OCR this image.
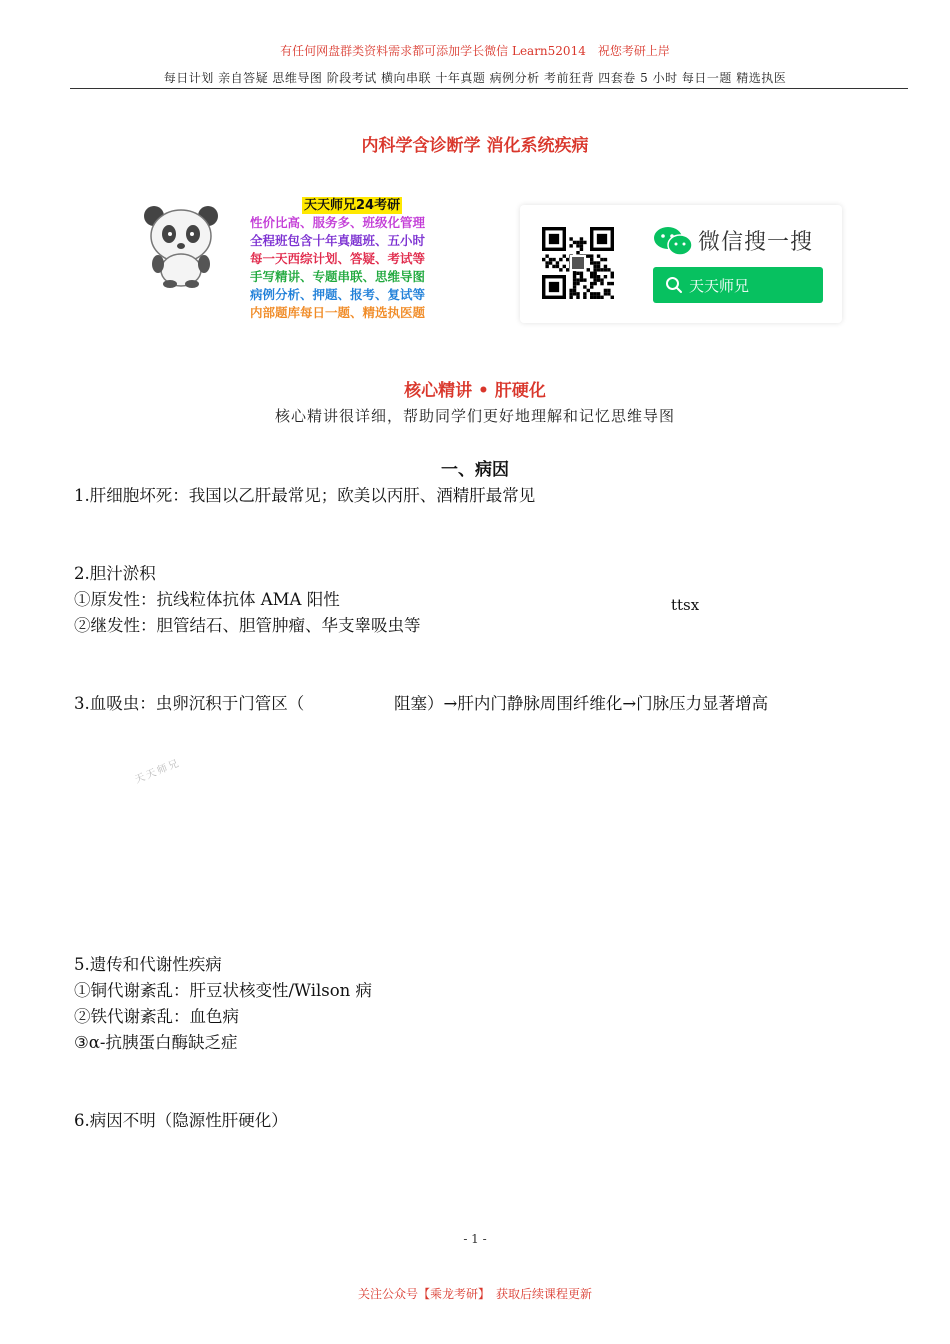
有任何网盘群类资料需求都可添加学长微信 Learn52014　祝您考研上岸
每日计划 亲自答疑 思维导图 阶段考试 横向串联 十年真题 病例分析 考前狂背 四套卷 5 小时 每日一题 精选执医
内科学含诊断学 消化系统疾病
天天师兄24考研
性价比高、服务多、班级化管理
全程班包含十年真题班、五小时
每一天西综计划、答疑、考试等
手写精讲、专题串联、思维导图
病例分析、押题、报考、复试等
内部题库每日一题、精选执医题
微信搜一搜
天天师兄
核心精讲 • 肝硬化
核心精讲很详细，帮助同学们更好地理解和记忆思维导图
一、病因
1.肝细胞坏死：我国以乙肝最常见；欧美以丙肝、酒精肝最常见
2.胆汁淤积
①原发性：抗线粒体抗体 AMA 阳性
②继发性：胆管结石、胆管肿瘤、华支睾吸虫等
ttsx
3.血吸虫：虫卵沉积于门管区（	阻塞）→肝内门静脉周围纤维化→门脉压力显著增高
天天师兄
5.遗传和代谢性疾病
①铜代谢紊乱：肝豆状核变性/Wilson 病
②铁代谢紊乱：血色病
③α-抗胰蛋白酶缺乏症
6.病因不明（隐源性肝硬化）
- 1 -
关注公众号【乘龙考研】　获取后续课程更新
